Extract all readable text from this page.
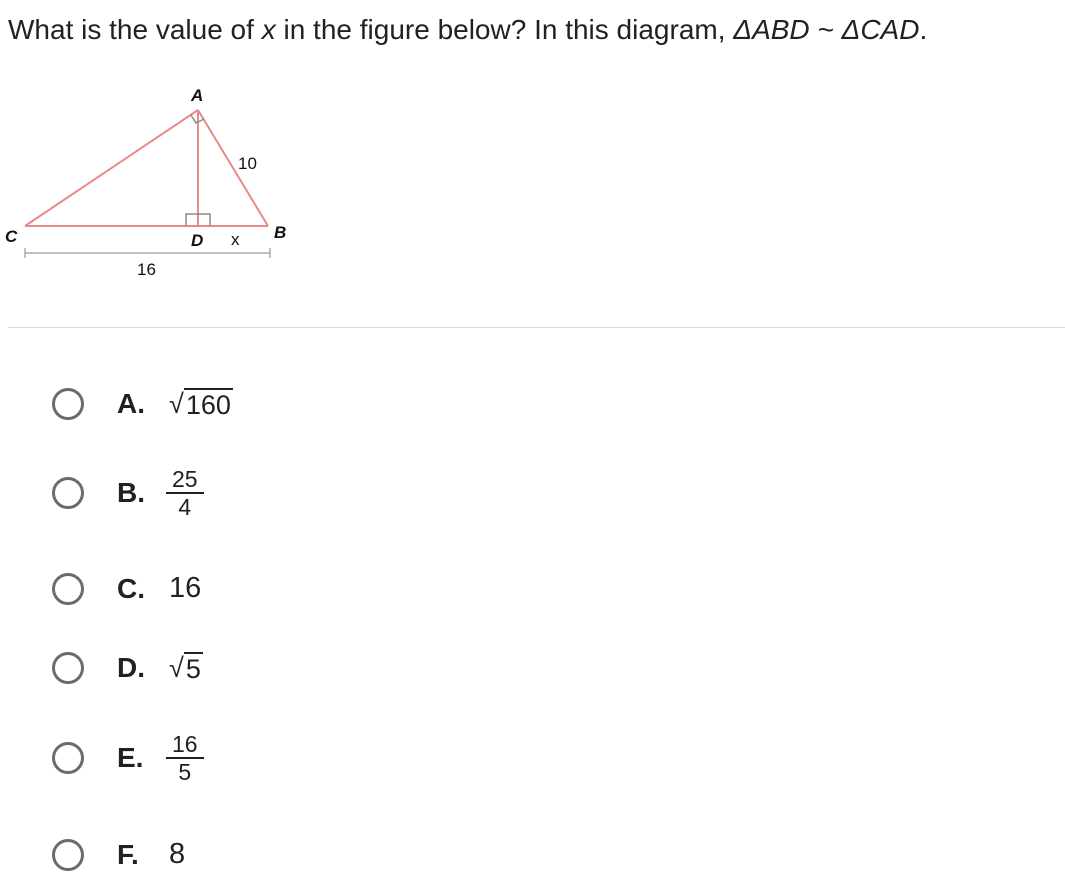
What is the value of x in the figure below? In this diagram, ΔABD ~ ΔCAD.
A
B
C	D
10
x
16
A. √ 160
B.	$\frac{25}{4}$
C. 16
D. √ 5
E.	$\frac{16}{5}$
F.	8
